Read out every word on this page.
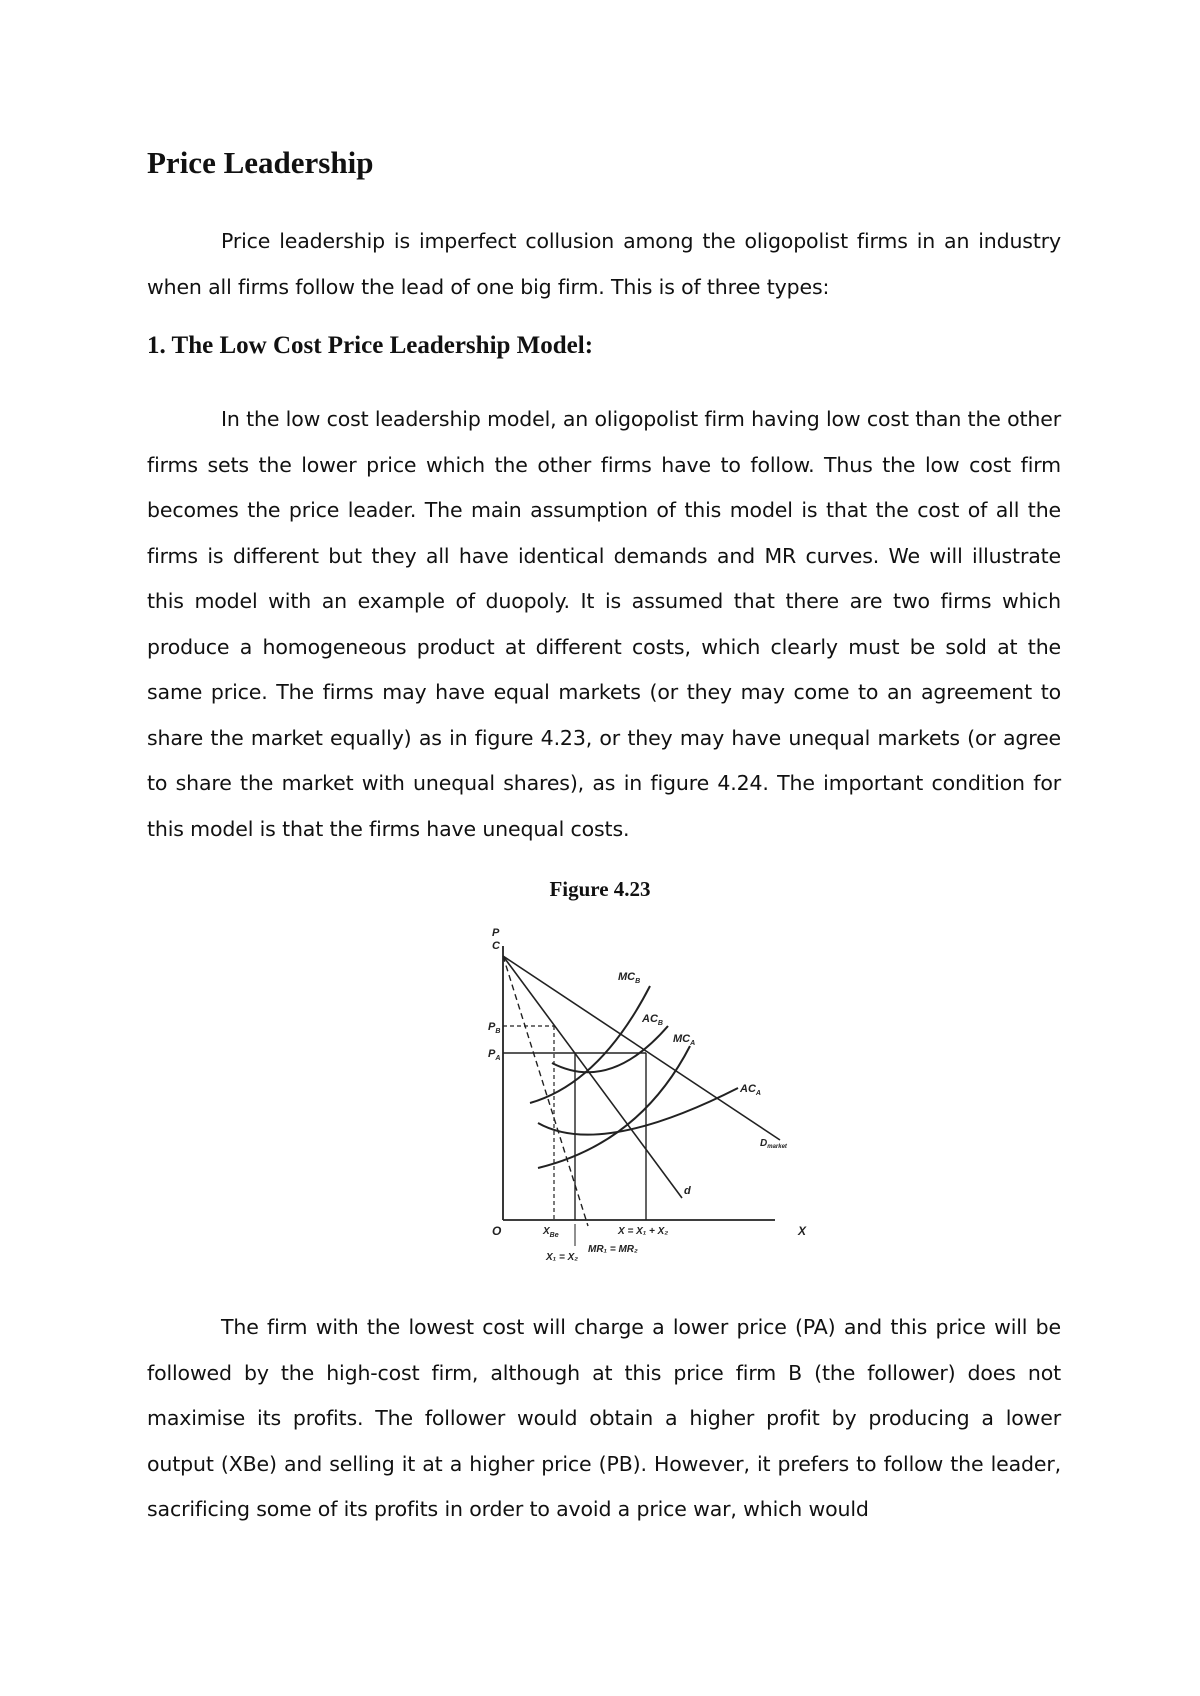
Price Leadership

Price leadership is imperfect collusion among the oligopolist firms in an industry when all firms follow the lead of one big firm. This is of three types:

1. The Low Cost Price Leadership Model:

In the low cost leadership model, an oligopolist firm having low cost than the other firms sets the lower price which the other firms have to follow. Thus the low cost firm becomes the price leader. The main assumption of this model is that the cost of all the firms is different but they all have identical demands and MR curves. We will illustrate this model with an example of duopoly. It is assumed that there are two firms which produce a homogeneous product at different costs, which clearly must be sold at the same price. The firms may have equal markets (or they may come to an agreement to share the market equally) as in figure 4.23, or they may have unequal markets (or agree to share the market with unequal shares), as in figure 4.24. The important condition for this model is that the firms have unequal costs.

Figure 4.23
P
C
O	X
$P_B$
$P_A$
$MC_B$
$AC_B$
$MC_A$
$AC_A$
$D_{market}$
d
$X_{Be}$	X = X₁ + X₂
X₁ = X₂
MR₁ = MR₂

The firm with the lowest cost will charge a lower price (PA) and this price will be followed by the high-cost firm, although at this price firm B (the follower) does not maximise its profits. The follower would obtain a higher profit by producing a lower output (XBe) and selling it at a higher price (PB). However, it prefers to follow the leader, sacrificing some of its profits in order to avoid a price war, which would
